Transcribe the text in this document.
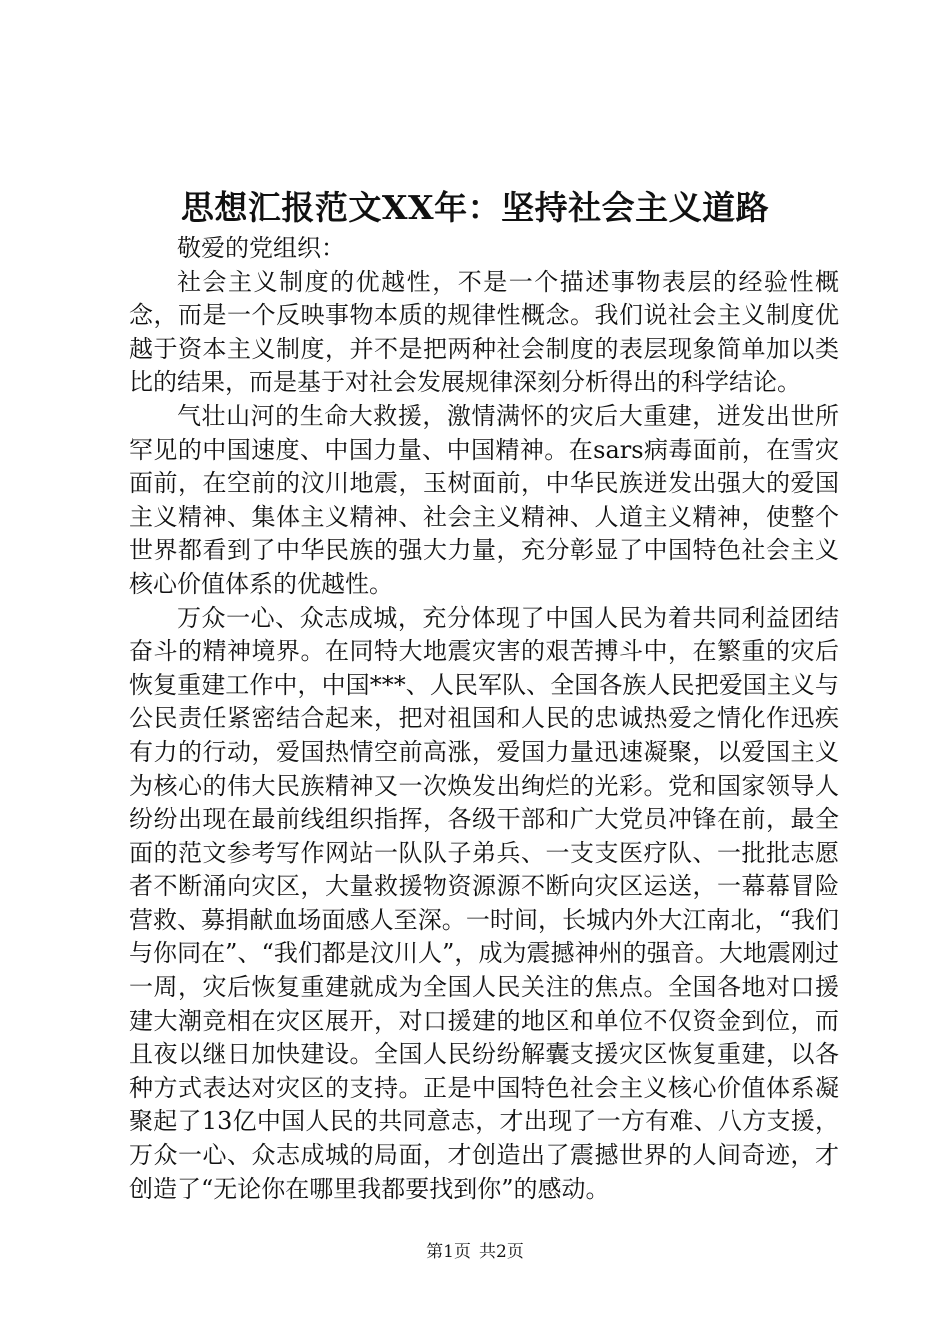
思想汇报范文XX年：坚持社会主义道路

敬爱的党组织：

社会主义制度的优越性，不是一个描述事物表层的经验性概念，而是一个反映事物本质的规律性概念。我们说社会主义制度优越于资本主义制度，并不是把两种社会制度的表层现象简单加以类比的结果，而是基于对社会发展规律深刻分析得出的科学结论。

气壮山河的生命大救援，激情满怀的灾后大重建，迸发出世所罕见的中国速度、中国力量、中国精神。在sars病毒面前，在雪灾面前，在空前的汶川地震，玉树面前，中华民族迸发出强大的爱国主义精神、集体主义精神、社会主义精神、人道主义精神，使整个世界都看到了中华民族的强大力量，充分彰显了中国特色社会主义核心价值体系的优越性。

万众一心、众志成城，充分体现了中国人民为着共同利益团结奋斗的精神境界。在同特大地震灾害的艰苦搏斗中，在繁重的灾后恢复重建工作中，中国***、人民军队、全国各族人民把爱国主义与公民责任紧密结合起来，把对祖国和人民的忠诚热爱之情化作迅疾有力的行动，爱国热情空前高涨，爱国力量迅速凝聚，以爱国主义为核心的伟大民族精神又一次焕发出绚烂的光彩。党和国家领导人纷纷出现在最前线组织指挥，各级干部和广大党员冲锋在前，最全面的范文参考写作网站一队队子弟兵、一支支医疗队、一批批志愿者不断涌向灾区，大量救援物资源源不断向灾区运送，一幕幕冒险营救、募捐献血场面感人至深。一时间，长城内外大江南北，“我们与你同在”、“我们都是汶川人”，成为震撼神州的强音。大地震刚过一周，灾后恢复重建就成为全国人民关注的焦点。全国各地对口援建大潮竞相在灾区展开，对口援建的地区和单位不仅资金到位，而且夜以继日加快建设。全国人民纷纷解囊支援灾区恢复重建，以各种方式表达对灾区的支持。正是中国特色社会主义核心价值体系凝聚起了13亿中国人民的共同意志，才出现了一方有难、八方支援，万众一心、众志成城的局面，才创造出了震撼世界的人间奇迹，才创造了“无论你在哪里我都要找到你”的感动。

第1页 共2页
